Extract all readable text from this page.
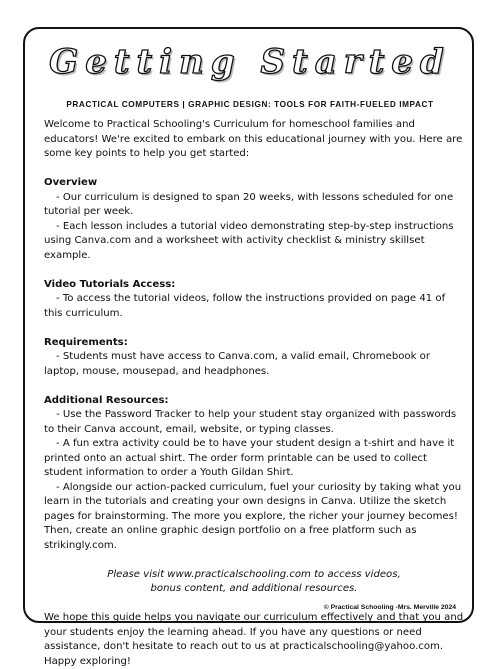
Getting Started
PRACTICAL COMPUTERS | GRAPHIC DESIGN: TOOLS FOR FAITH-FUELED IMPACT

Welcome to Practical Schooling's Curriculum for homeschool families and educators! We're excited to embark on this educational journey with you. Here are some key points to help you get started:

Overview

- Our curriculum is designed to span 20 weeks, with lessons scheduled for one tutorial per week.

- Each lesson includes a tutorial video demonstrating step-by-step instructions using Canva.com and a worksheet with activity checklist & ministry skillset example.

Video Tutorials Access:

- To access the tutorial videos, follow the instructions provided on page 41 of this curriculum.

Requirements:

- Students must have access to Canva.com, a valid email, Chromebook or laptop, mouse, mousepad, and headphones.

Additional Resources:

- Use the Password Tracker to help your student stay organized with passwords to their Canva account, email, website, or typing classes.

- A fun extra activity could be to have your student design a t-shirt and have it printed onto an actual shirt. The order form printable can be used to collect student information to order a Youth Gildan Shirt.

- Alongside our action-packed curriculum, fuel your curiosity by taking what you learn in the tutorials and creating your own designs in Canva. Utilize the sketch pages for brainstorming. The more you explore, the richer your journey becomes! Then, create an online graphic design portfolio on a free platform such as strikingly.com.

Please visit www.practicalschooling.com to access videos,

bonus content, and additional resources.

We hope this guide helps you navigate our curriculum effectively and that you and your students enjoy the learning ahead. If you have any questions or need assistance, don't hesitate to reach out to us at practicalschooling@yahoo.com. Happy exploring!

© Practical Schooling -Mrs. Merville 2024
